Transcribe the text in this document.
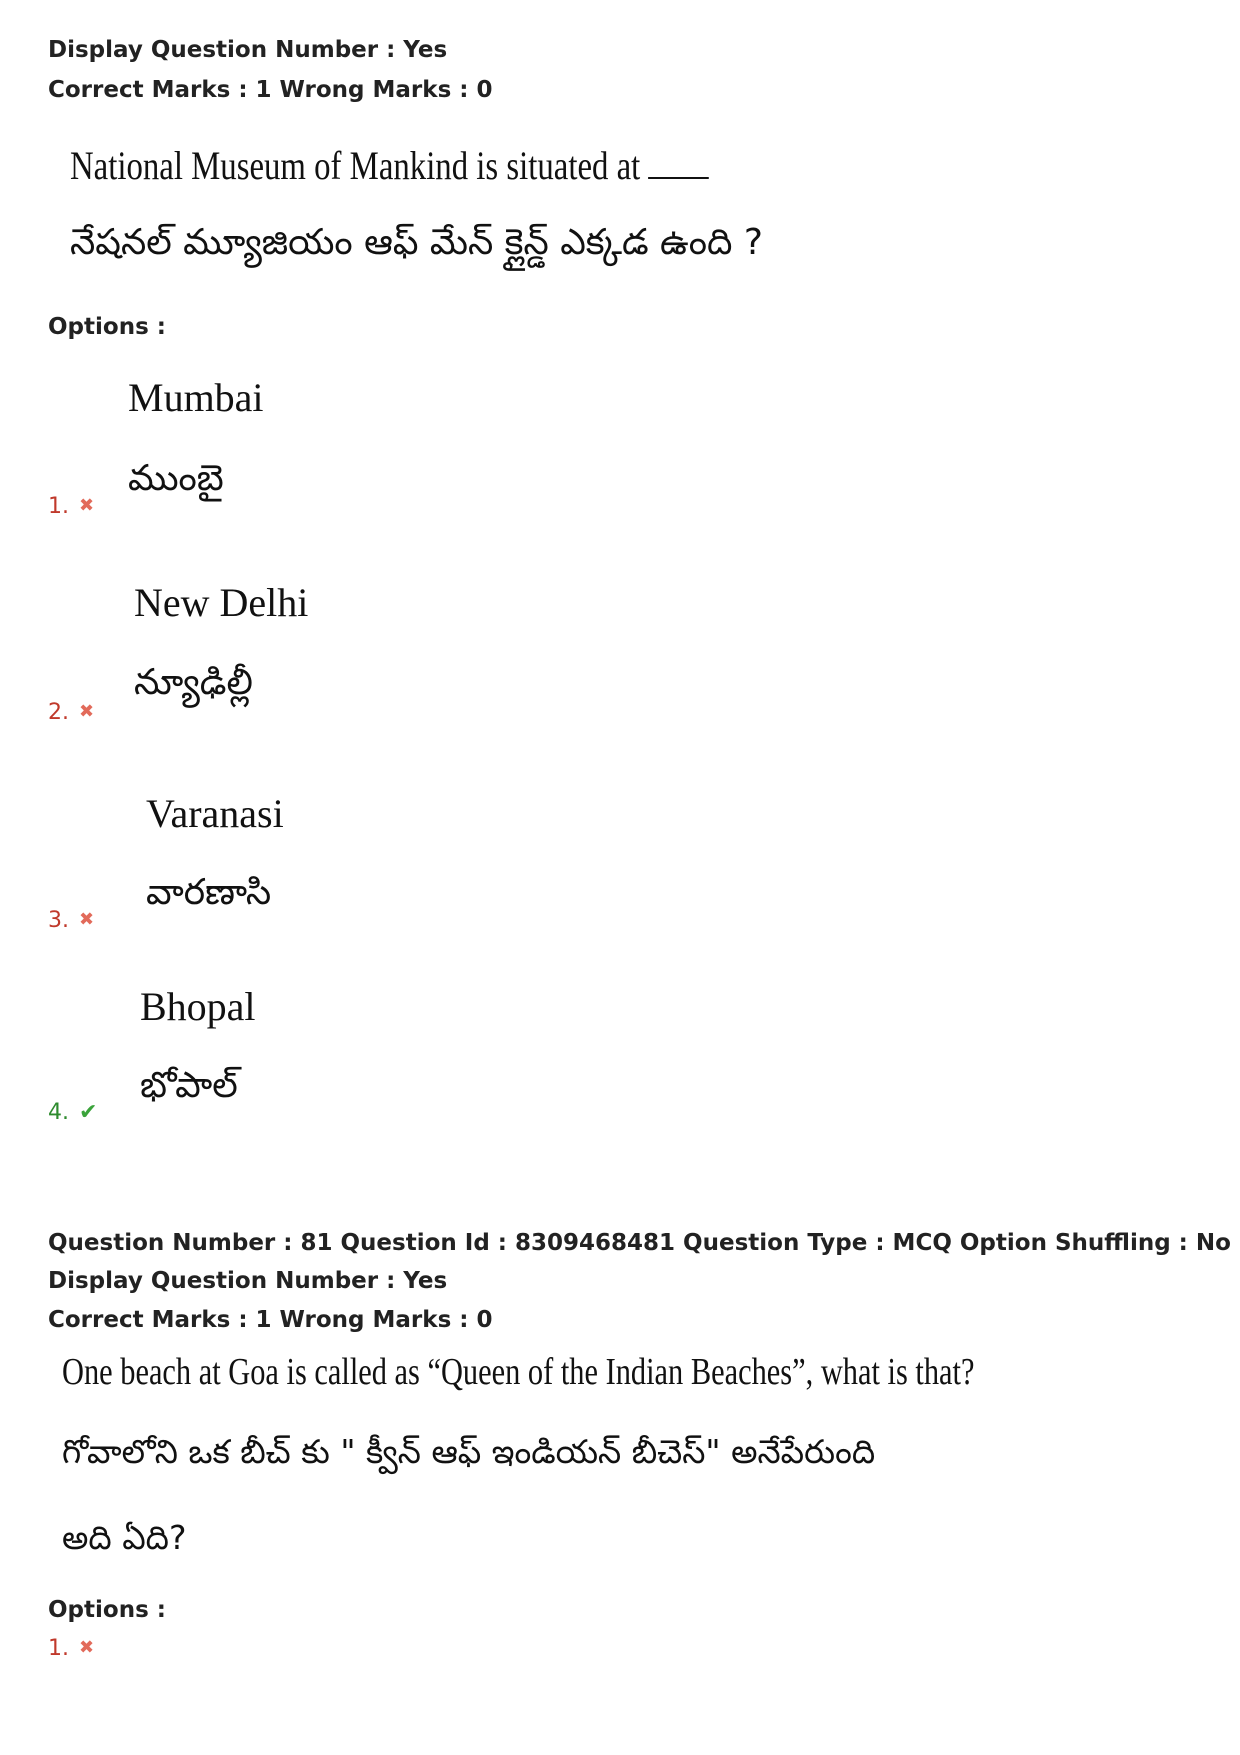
Display Question Number : Yes
Correct Marks : 1 Wrong Marks : 0
National Museum of Mankind is situated at
నేషనల్ మ్యూజియం ఆఫ్ మేన్ క్లైన్డ్ ఎక్కడ ఉంది ?
Options :
Mumbai
ముంబై
1. ✖
New Delhi
న్యూఢిల్లీ
2. ✖
Varanasi
వారణాసి
3. ✖
Bhopal
భోపాల్
4. ✔
Question Number : 81 Question Id : 8309468481 Question Type : MCQ Option Shuffling : No
Display Question Number : Yes
Correct Marks : 1 Wrong Marks : 0
One beach at Goa is called as “Queen of the Indian Beaches”, what is that?
గోవాలోని ఒక బీచ్ కు " క్వీన్ ఆఫ్ ఇండియన్ బీచెస్" అనేపేరుంది
అది ఏది?
Options :
1. ✖
